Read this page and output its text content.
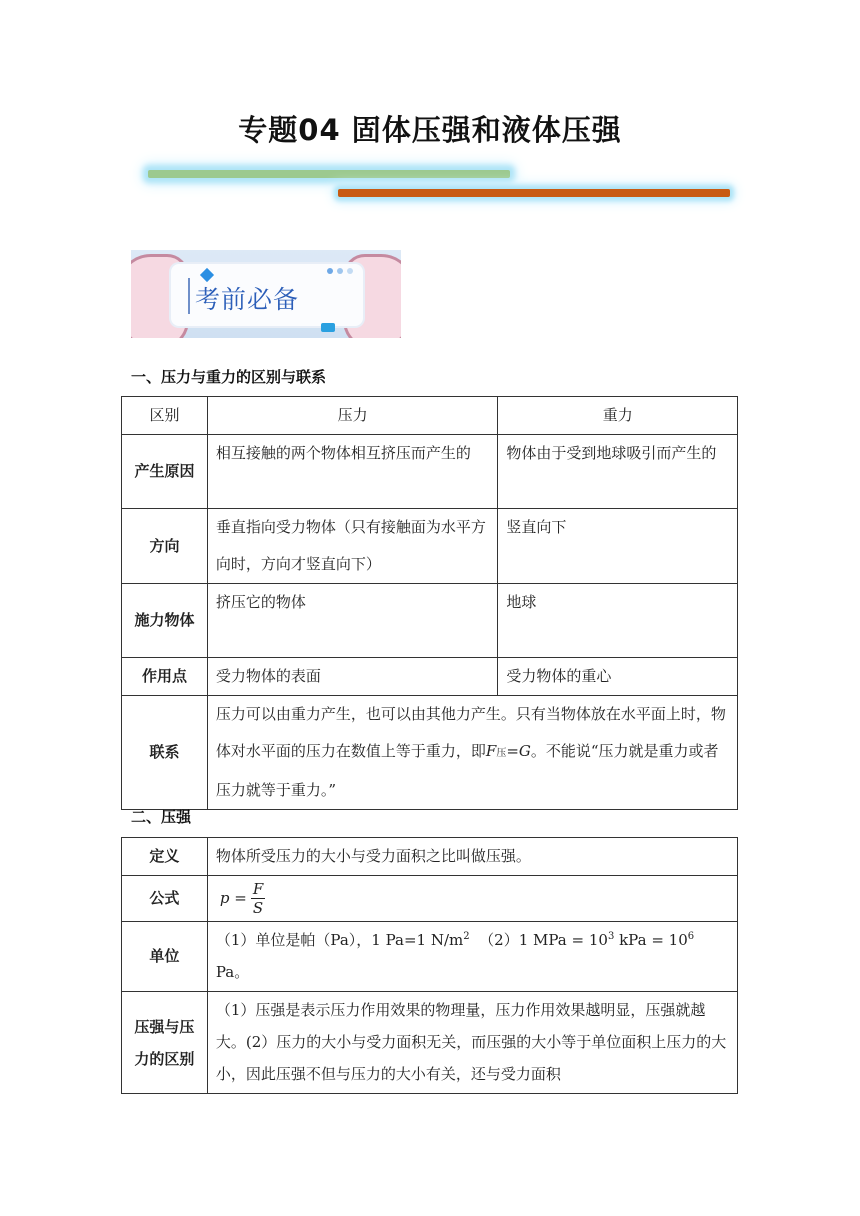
专题04 固体压强和液体压强
考前必备
一、压力与重力的区别与联系
区别	压力	重力
产生原因	相互接触的两个物体相互挤压而产生的	物体由于受到地球吸引而产生的
方向	垂直指向受力物体（只有接触面为水平方向时，方向才竖直向下）	竖直向下
施力物体	挤压它的物体	地球
作用点	受力物体的表面	受力物体的重心
联系	压力可以由重力产生，也可以由其他力产生。只有当物体放在水平面上时，物体对水平面的压力在数值上等于重力，即F压=G。不能说“压力就是重力或者压力就等于重力。”	
二、压强
定义	物体所受压力的大小与受力面积之比叫做压强。
公式	$p = \frac{F}{S}$

单位	（1）单位是帕（Pa），1 Pa=1 $N/m^2$ （2）1 MPa = $10^3$ kPa = $10^6$ Pa。
压强与压力的区别	（1）压强是表示压力作用效果的物理量，压力作用效果越明显，压强就越大。(2）压力的大小与受力面积无关，而压强的大小等于单位面积上压力的大小，因此压强不但与压力的大小有关，还与受力面积
